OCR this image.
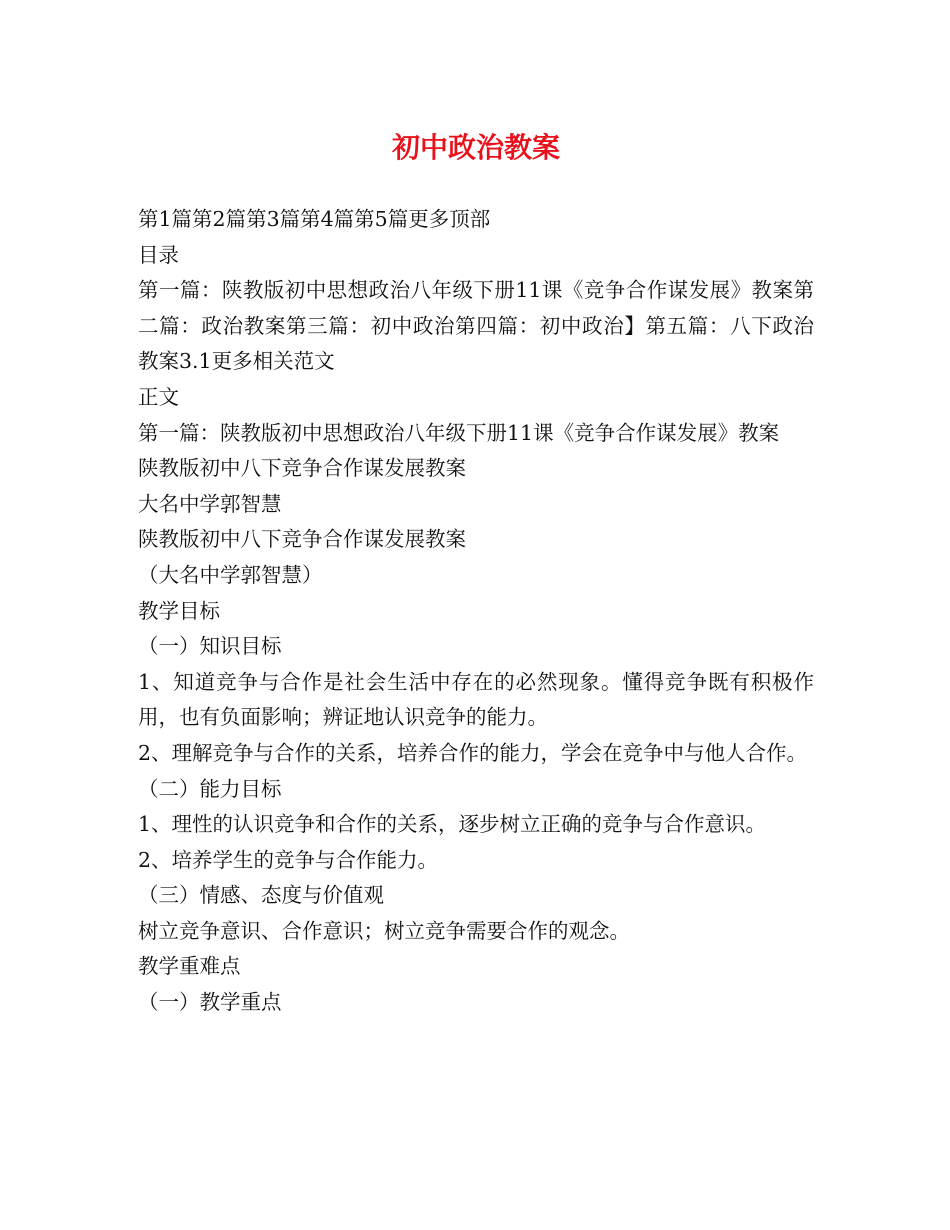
初中政治教案

第1篇第2篇第3篇第4篇第5篇更多顶部

目录

第一篇：陕教版初中思想政治八年级下册11课《竞争合作谋发展》教案第二篇：政治教案第三篇：初中政治第四篇：初中政治】第五篇：八下政治教案3.1更多相关范文

正文

第一篇：陕教版初中思想政治八年级下册11课《竞争合作谋发展》教案

陕教版初中八下竞争合作谋发展教案

大名中学郭智慧

陕教版初中八下竞争合作谋发展教案

（大名中学郭智慧）

教学目标

（一）知识目标

1、知道竞争与合作是社会生活中存在的必然现象。懂得竞争既有积极作用，也有负面影响；辨证地认识竞争的能力。

2、理解竞争与合作的关系，培养合作的能力，学会在竞争中与他人合作。

（二）能力目标

1、理性的认识竞争和合作的关系，逐步树立正确的竞争与合作意识。

2、培养学生的竞争与合作能力。

（三）情感、态度与价值观

树立竞争意识、合作意识；树立竞争需要合作的观念。

教学重难点

（一）教学重点
